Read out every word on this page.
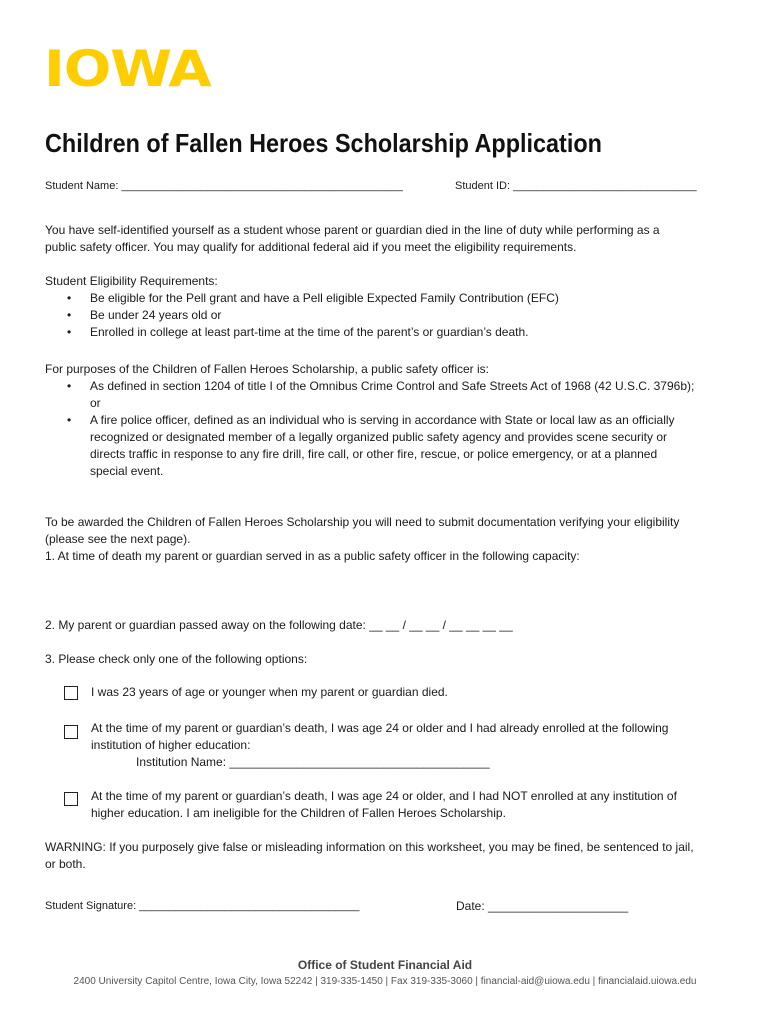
IOWA
Children of Fallen Heroes Scholarship Application
Student Name: ______________________________________________	Student ID: ______________________________
You have self-identified yourself as a student whose parent or guardian died in the line of duty while performing as a
public safety officer. You may qualify for additional federal aid if you meet the eligibility requirements.
Student Eligibility Requirements:
• Be eligible for the Pell grant and have a Pell eligible Expected Family Contribution (EFC)
• Be under 24 years old or
• Enrolled in college at least part-time at the time of the parent’s or guardian’s death.
For purposes of the Children of Fallen Heroes Scholarship, a public safety officer is:
• As defined in section 1204 of title I of the Omnibus Crime Control and Safe Streets Act of 1968 (42 U.S.C. 3796b);
or
• A fire police officer, defined as an individual who is serving in accordance with State or local law as an officially
recognized or designated member of a legally organized public safety agency and provides scene security or
directs traffic in response to any fire drill, fire call, or other fire, rescue, or police emergency, or at a planned
special event.
To be awarded the Children of Fallen Heroes Scholarship you will need to submit documentation verifying your eligibility
(please see the next page).
1. At time of death my parent or guardian served in as a public safety officer in the following capacity:
2. My parent or guardian passed away on the following date: __ __ / __ __ / __ __ __ __
3. Please check only one of the following options:
I was 23 years of age or younger when my parent or guardian died.
At the time of my parent or guardian’s death, I was age 24 or older and I had already enrolled at the following
institution of higher education:
Institution Name: _______________________________________
At the time of my parent or guardian’s death, I was age 24 or older, and I had NOT enrolled at any institution of
higher education. I am ineligible for the Children of Fallen Heroes Scholarship.
WARNING: If you purposely give false or misleading information on this worksheet, you may be fined, be sentenced to jail,
or both.
Student Signature: ____________________________________	Date: _____________________
Office of Student Financial Aid
2400 University Capitol Centre, Iowa City, Iowa 52242 | 319-335-1450 | Fax 319-335-3060 | financial-aid@uiowa.edu | financialaid.uiowa.edu
